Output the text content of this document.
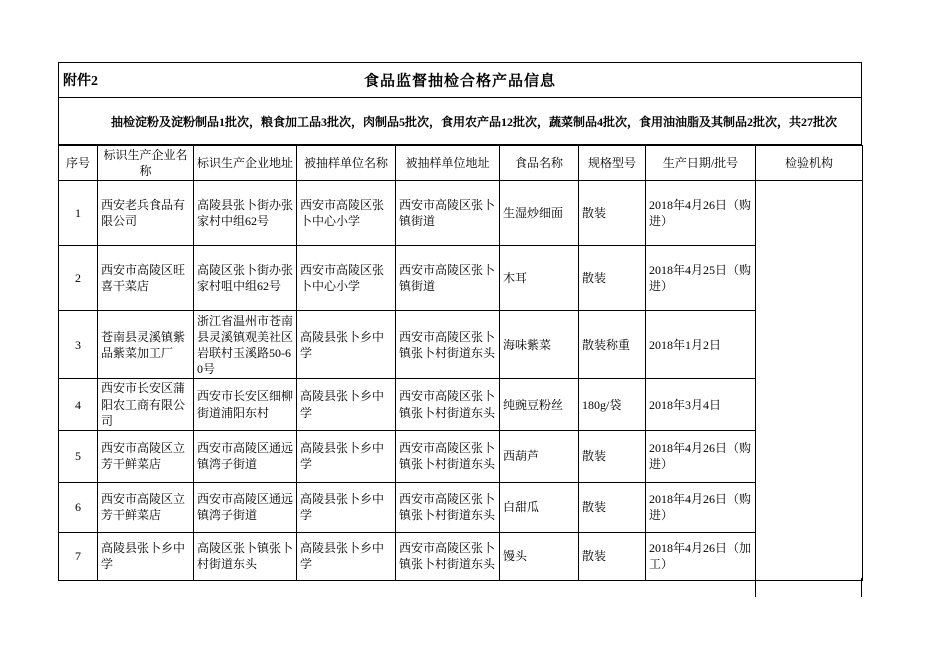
附件2	食品监督抽检合格产品信息
抽检淀粉及淀粉制品1批次，粮食加工品3批次，肉制品5批次，食用农产品12批次，蔬菜制品4批次，食用油油脂及其制品2批次，共27批次
序号	标识生产企业名称	标识生产企业地址	被抽样单位名称	被抽样单位地址	食品名称	规格型号	生产日期/批号	检验机构
1	西安老兵食品有限公司	高陵县张卜街办张家村中组62号	西安市高陵区张卜中心小学	西安市高陵区张卜镇街道	生湿炒细面	散装	2018年4月26日（购进）	
2	西安市高陵区旺喜干菜店	高陵区张卜街办张家村咀中组62号	西安市高陵区张卜中心小学	西安市高陵区张卜镇街道	木耳	散装	2018年4月25日（购进）	
3	苍南县灵溪镇紫品紫菜加工厂	浙江省温州市苍南县灵溪镇观美社区岩联村玉溪路50-60号	高陵县张卜乡中学	西安市高陵区张卜镇张卜村街道东头	海味紫菜	散装称重	2018年1月2日	
4	西安市长安区蒲阳农工商有限公司	西安市长安区细柳街道浦阳东村	高陵县张卜乡中学	西安市高陵区张卜镇张卜村街道东头	纯豌豆粉丝	180g/袋	2018年3月4日	
5	西安市高陵区立芳干鲜菜店	西安市高陵区通远镇湾子街道	高陵县张卜乡中学	西安市高陵区张卜镇张卜村街道东头	西葫芦	散装	2018年4月26日（购进）	
6	西安市高陵区立芳干鲜菜店	西安市高陵区通远镇湾子街道	高陵县张卜乡中学	西安市高陵区张卜镇张卜村街道东头	白甜瓜	散装	2018年4月26日（购进）	
7	高陵县张卜乡中学	高陵区张卜镇张卜村街道东头	高陵县张卜乡中学	西安市高陵区张卜镇张卜村街道东头	馒头	散装	2018年4月26日（加工）	
